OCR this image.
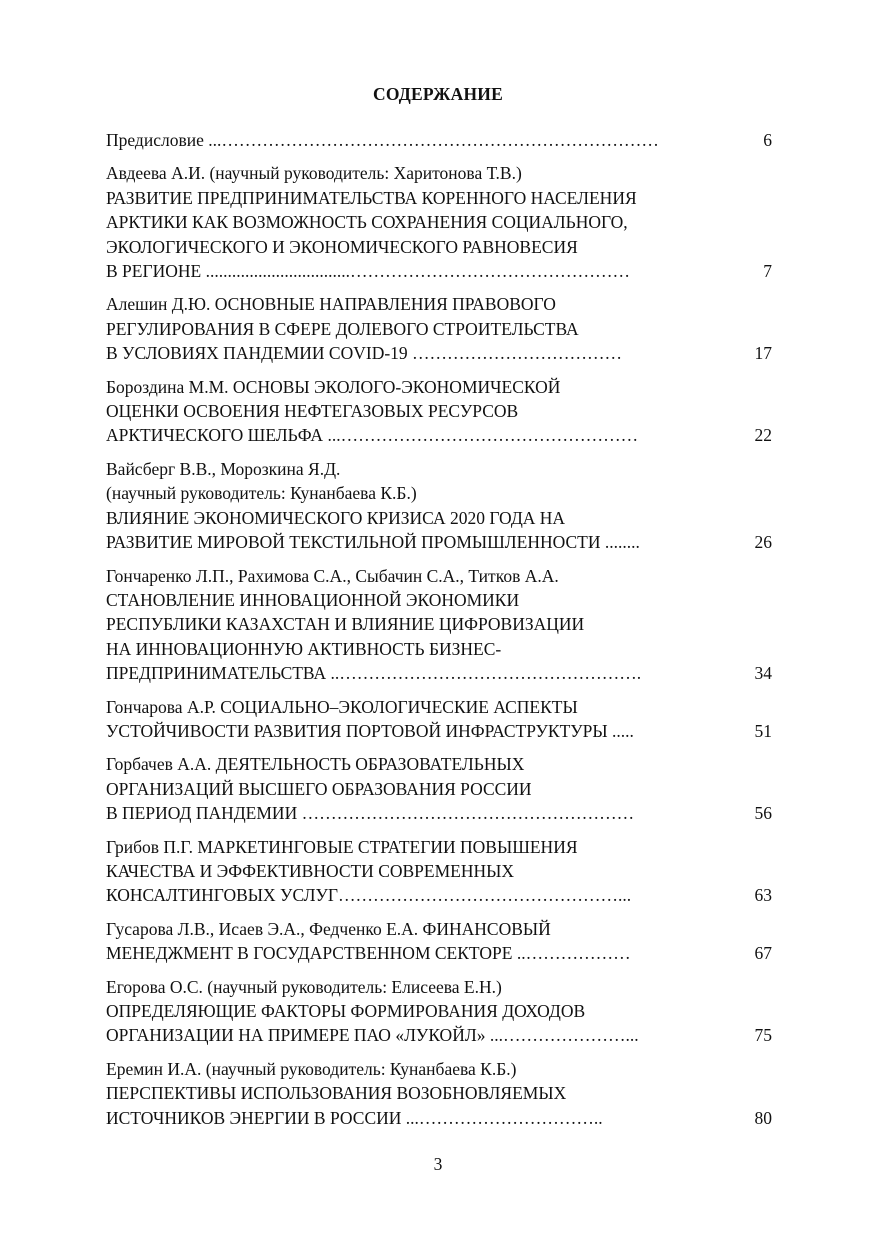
СОДЕРЖАНИЕ
Предисловие ...…………………………………………………………………	6
Авдеева А.И. (научный руководитель: Харитонова Т.В.)
РАЗВИТИЕ ПРЕДПРИНИМАТЕЛЬСТВА КОРЕННОГО НАСЕЛЕНИЯ
АРКТИКИ КАК ВОЗМОЖНОСТЬ СОХРАНЕНИЯ СОЦИАЛЬНОГО,
ЭКОЛОГИЧЕСКОГО И ЭКОНОМИЧЕСКОГО РАВНОВЕСИЯ
В РЕГИОНЕ .................................…………………………………………	7
Алешин Д.Ю. ОСНОВНЫЕ НАПРАВЛЕНИЯ ПРАВОВОГО
РЕГУЛИРОВАНИЯ В СФЕРЕ ДОЛЕВОГО СТРОИТЕЛЬСТВА
В УСЛОВИЯХ ПАНДЕМИИ COVID-19 ………………………………	17
Бороздина М.М. ОСНОВЫ ЭКОЛОГО-ЭКОНОМИЧЕСКОЙ
ОЦЕНКИ ОСВОЕНИЯ НЕФТЕГАЗОВЫХ РЕСУРСОВ
АРКТИЧЕСКОГО ШЕЛЬФА ...……………………………………………	22
Вайсберг В.В., Морозкина Я.Д.
(научный руководитель: Кунанбаева К.Б.)
ВЛИЯНИЕ ЭКОНОМИЧЕСКОГО КРИЗИСА 2020 ГОДА НА
РАЗВИТИЕ МИРОВОЙ ТЕКСТИЛЬНОЙ ПРОМЫШЛЕННОСТИ ........	26
Гончаренко Л.П., Рахимова С.А., Сыбачин С.А., Титков А.А.
СТАНОВЛЕНИЕ ИННОВАЦИОННОЙ ЭКОНОМИКИ
РЕСПУБЛИКИ КАЗАХСТАН И ВЛИЯНИЕ ЦИФРОВИЗАЦИИ
НА ИННОВАЦИОННУЮ АКТИВНОСТЬ БИЗНЕС-
ПРЕДПРИНИМАТЕЛЬСТВА ..…………………………………………….	34
Гончарова А.Р. СОЦИАЛЬНО–ЭКОЛОГИЧЕСКИЕ АСПЕКТЫ
УСТОЙЧИВОСТИ РАЗВИТИЯ ПОРТОВОЙ ИНФРАСТРУКТУРЫ .....	51
Горбачев А.А. ДЕЯТЕЛЬНОСТЬ ОБРАЗОВАТЕЛЬНЫХ
ОРГАНИЗАЦИЙ ВЫСШЕГО ОБРАЗОВАНИЯ РОССИИ
В ПЕРИОД ПАНДЕМИИ …………………………………………………	56
Грибов П.Г. МАРКЕТИНГОВЫЕ СТРАТЕГИИ ПОВЫШЕНИЯ
КАЧЕСТВА И ЭФФЕКТИВНОСТИ СОВРЕМЕННЫХ
КОНСАЛТИНГОВЫХ УСЛУГ…………………………………………...	63
Гусарова Л.В., Исаев Э.А., Федченко Е.А. ФИНАНСОВЫЙ
МЕНЕДЖМЕНТ В ГОСУДАРСТВЕННОМ СЕКТОРЕ ..………………	67
Егорова О.С. (научный руководитель: Елисеева Е.Н.)
ОПРЕДЕЛЯЮЩИЕ ФАКТОРЫ ФОРМИРОВАНИЯ ДОХОДОВ
ОРГАНИЗАЦИИ НА ПРИМЕРЕ ПАО «ЛУКОЙЛ» ...…………………...	75
Еремин И.А. (научный руководитель: Кунанбаева К.Б.)
ПЕРСПЕКТИВЫ ИСПОЛЬЗОВАНИЯ ВОЗОБНОВЛЯЕМЫХ
ИСТОЧНИКОВ ЭНЕРГИИ В РОССИИ ...…………………………..	80
3
